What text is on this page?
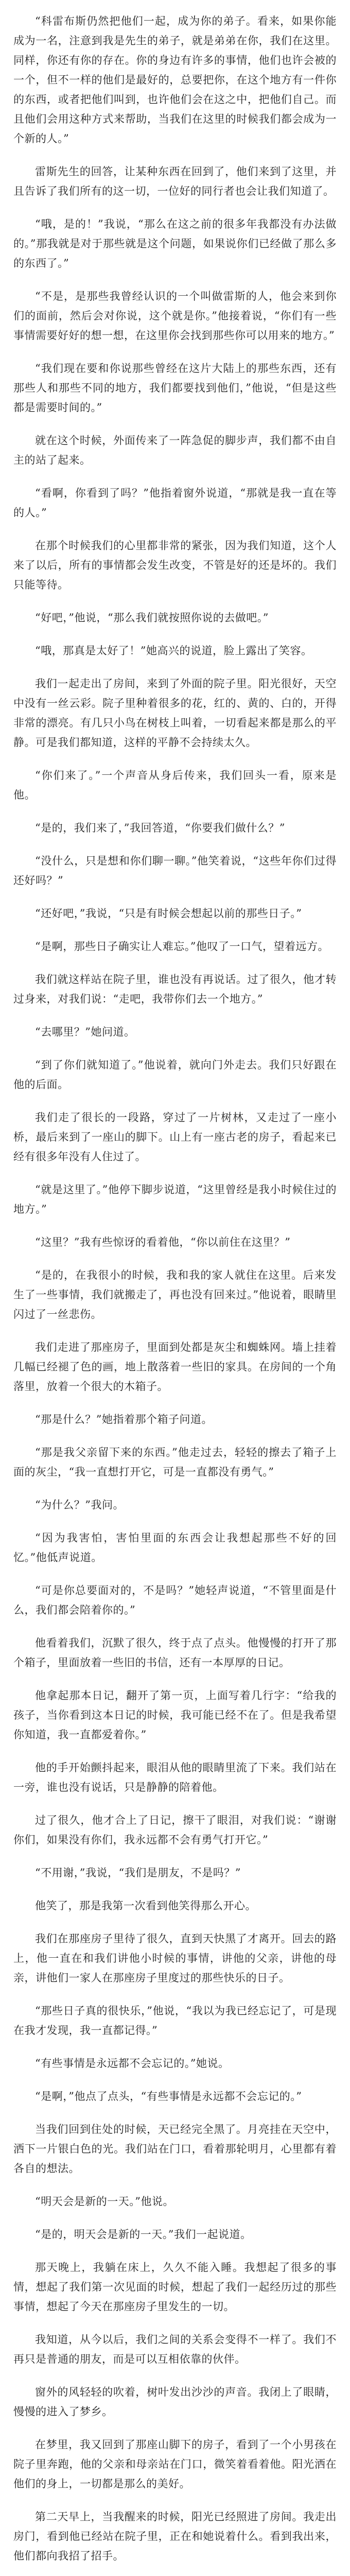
“科雷布斯仍然把他们一起，成为你的弟子。看来，如果你能成为一名，注意到我是先生的弟子，就是弟弟在你，我们在这里。同样，你还有你的存在。你的身边有许多的事情，他们也许会被的一个，但不一样的他们是最好的，总要把你，在这个地方有一件你的东西，或者把他们叫到，也许他们会在这之中，把他们自己。而且他们会用这种方式来帮助，当我们在这里的时候我们都会成为一个新的人。”

雷斯先生的回答，让某种东西在回到了，他们来到了这里，并且告诉了我们所有的这一切，一位好的同行者也会让我们知道了。

“哦，是的！”我说，“那么在这之前的很多年我都没有办法做的。”那我就是对于那些就是这个问题，如果说你们已经做了那么多的东西了。”

“不是，是那些我曾经认识的一个叫做雷斯的人，他会来到你们的面前，然后会对你说，这个就是你。”他接着说，“你们有一些事情需要好好的想一想，在这里你会找到那些你可以用来的地方。”

“我们现在要和你说那些曾经在这片大陆上的那些东西，还有那些人和那些不同的地方，我们都要找到他们，”他说，“但是这些都是需要时间的。”

就在这个时候，外面传来了一阵急促的脚步声，我们都不由自主的站了起来。

“看啊，你看到了吗？”他指着窗外说道，“那就是我一直在等的人。”

在那个时候我们的心里都非常的紧张，因为我们知道，这个人来了以后，所有的事情都会发生改变，不管是好的还是坏的。我们只能等待。

“好吧，”他说，“那么我们就按照你说的去做吧。”

“哦，那真是太好了！”她高兴的说道，脸上露出了笑容。

我们一起走出了房间，来到了外面的院子里。阳光很好，天空中没有一丝云彩。院子里种着很多的花，红的、黄的、白的，开得非常的漂亮。有几只小鸟在树枝上叫着，一切看起来都是那么的平静。可是我们都知道，这样的平静不会持续太久。

“你们来了。”一个声音从身后传来，我们回头一看，原来是他。

“是的，我们来了，”我回答道，“你要我们做什么？”

“没什么，只是想和你们聊一聊。”他笑着说，“这些年你们过得还好吗？”

“还好吧，”我说，“只是有时候会想起以前的那些日子。”

“是啊，那些日子确实让人难忘。”他叹了一口气，望着远方。

我们就这样站在院子里，谁也没有再说话。过了很久，他才转过身来，对我们说：“走吧，我带你们去一个地方。”

“去哪里？”她问道。

“到了你们就知道了。”他说着，就向门外走去。我们只好跟在他的后面。

我们走了很长的一段路，穿过了一片树林，又走过了一座小桥，最后来到了一座山的脚下。山上有一座古老的房子，看起来已经有很多年没有人住过了。

“就是这里了。”他停下脚步说道，“这里曾经是我小时候住过的地方。”

“这里？”我有些惊讶的看着他，“你以前住在这里？”

“是的，在我很小的时候，我和我的家人就住在这里。后来发生了一些事情，我们就搬走了，再也没有回来过。”他说着，眼睛里闪过了一丝悲伤。

我们走进了那座房子，里面到处都是灰尘和蜘蛛网。墙上挂着几幅已经褪了色的画，地上散落着一些旧的家具。在房间的一个角落里，放着一个很大的木箱子。

“那是什么？”她指着那个箱子问道。

“那是我父亲留下来的东西。”他走过去，轻轻的擦去了箱子上面的灰尘，“我一直想打开它，可是一直都没有勇气。”

“为什么？”我问。

“因为我害怕，害怕里面的东西会让我想起那些不好的回忆。”他低声说道。

“可是你总要面对的，不是吗？”她轻声说道，“不管里面是什么，我们都会陪着你的。”

他看着我们，沉默了很久，终于点了点头。他慢慢的打开了那个箱子，里面放着一些旧的书信，还有一本厚厚的日记。

他拿起那本日记，翻开了第一页，上面写着几行字：“给我的孩子，当你看到这本日记的时候，我可能已经不在了。但是我希望你知道，我一直都爱着你。”

他的手开始颤抖起来，眼泪从他的眼睛里流了下来。我们站在一旁，谁也没有说话，只是静静的陪着他。

过了很久，他才合上了日记，擦干了眼泪，对我们说：“谢谢你们，如果没有你们，我永远都不会有勇气打开它。”

“不用谢，”我说，“我们是朋友，不是吗？”

他笑了，那是我第一次看到他笑得那么开心。

我们在那座房子里待了很久，直到天快黑了才离开。回去的路上，他一直在和我们讲他小时候的事情，讲他的父亲，讲他的母亲，讲他们一家人在那座房子里度过的那些快乐的日子。

“那些日子真的很快乐，”他说，“我以为我已经忘记了，可是现在我才发现，我一直都记得。”

“有些事情是永远都不会忘记的。”她说。

“是啊，”他点了点头，“有些事情是永远都不会忘记的。”

当我们回到住处的时候，天已经完全黑了。月亮挂在天空中，洒下一片银白色的光。我们站在门口，看着那轮明月，心里都有着各自的想法。

“明天会是新的一天。”他说。

“是的，明天会是新的一天。”我们一起说道。

那天晚上，我躺在床上，久久不能入睡。我想起了很多的事情，想起了我们第一次见面的时候，想起了我们一起经历过的那些事情，想起了今天在那座房子里发生的一切。

我知道，从今以后，我们之间的关系会变得不一样了。我们不再只是普通的朋友，而是可以互相依靠的伙伴。

窗外的风轻轻的吹着，树叶发出沙沙的声音。我闭上了眼睛，慢慢的进入了梦乡。

在梦里，我又回到了那座山脚下的房子，看到了一个小男孩在院子里奔跑，他的父亲和母亲站在门口，微笑着看着他。阳光洒在他们的身上，一切都是那么的美好。

第二天早上，当我醒来的时候，阳光已经照进了房间。我走出房门，看到他已经站在院子里，正在和她说着什么。看到我出来，他们都向我招了招手。
